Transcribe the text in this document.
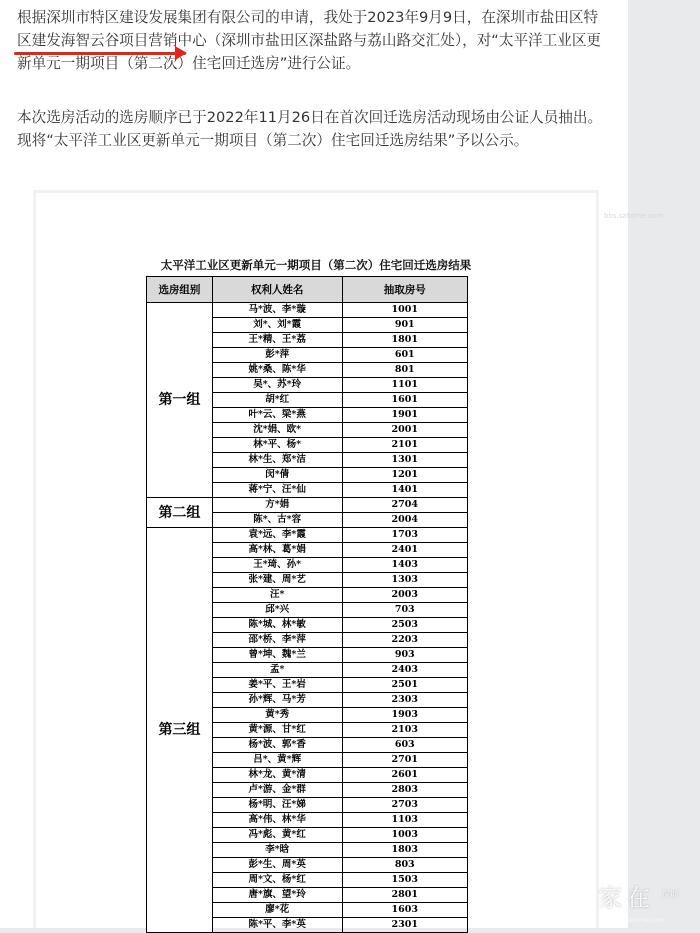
根据深圳市特区建设发展集团有限公司的申请，我处于2023年9月9日，在深圳市盐田区特区建发海智云谷项目营销中心（深圳市盐田区深盐路与荔山路交汇处），对“太平洋工业区更新单元一期项目（第二次）住宅回迁选房”进行公证。

本次选房活动的选房顺序已于2022年11月26日在首次回迁选房活动现场由公证人员抽出。现将“太平洋工业区更新单元一期项目（第二次）住宅回迁选房结果”予以公示。

太平洋工业区更新单元一期项目（第二次）住宅回迁选房结果
选房组别	权利人姓名	抽取房号
第一组	马*波、李*璇	1001
	刘*、刘*霞	901
	王*精、王*荔	1801
	彭*萍	601
	姚*桑、陈*华	801
	吴*、苏*玲	1101
	胡*红	1601
	叶*云、梁*燕	1901
	沈*娟、欧*	2001
	林*平、杨*	2101
	林*生、郑*洁	1301
	闵*倩	1201
	蒋*宁、汪*仙	1401
第二组	方*娟	2704
	陈*、古*容	2004
第三组	袁*远、李*霞	1703
	高*林、葛*娟	2401
	王*琦、孙*	1403
	张*建、周*艺	1303
	汪*	2003
	邱*兴	703
	陈*城、林*敏	2503
	邵*桥、李*萍	2203
	曾*坤、魏*兰	903
	孟*	2403
	姜*平、王*岩	2501
	孙*辉、马*芳	2303
	黄*秀	1903
	黄*源、甘*红	2103
	杨*波、郭*香	603
	吕*、黄*辉	2701
	林*龙、黄*清	2601
	卢*游、金*群	2803
	杨*明、汪*娣	2703
	高*伟、林*华	1103
	冯*彪、黄*红	1003
	李*晗	1803
	彭*生、周*英	803
	周*文、杨*红	1503
	唐*旗、望*玲	2801
	廖*花	1603
	陈*平、李*英	2301
bbs.szhome.com
家在 深圳
bbs.szhome.com
